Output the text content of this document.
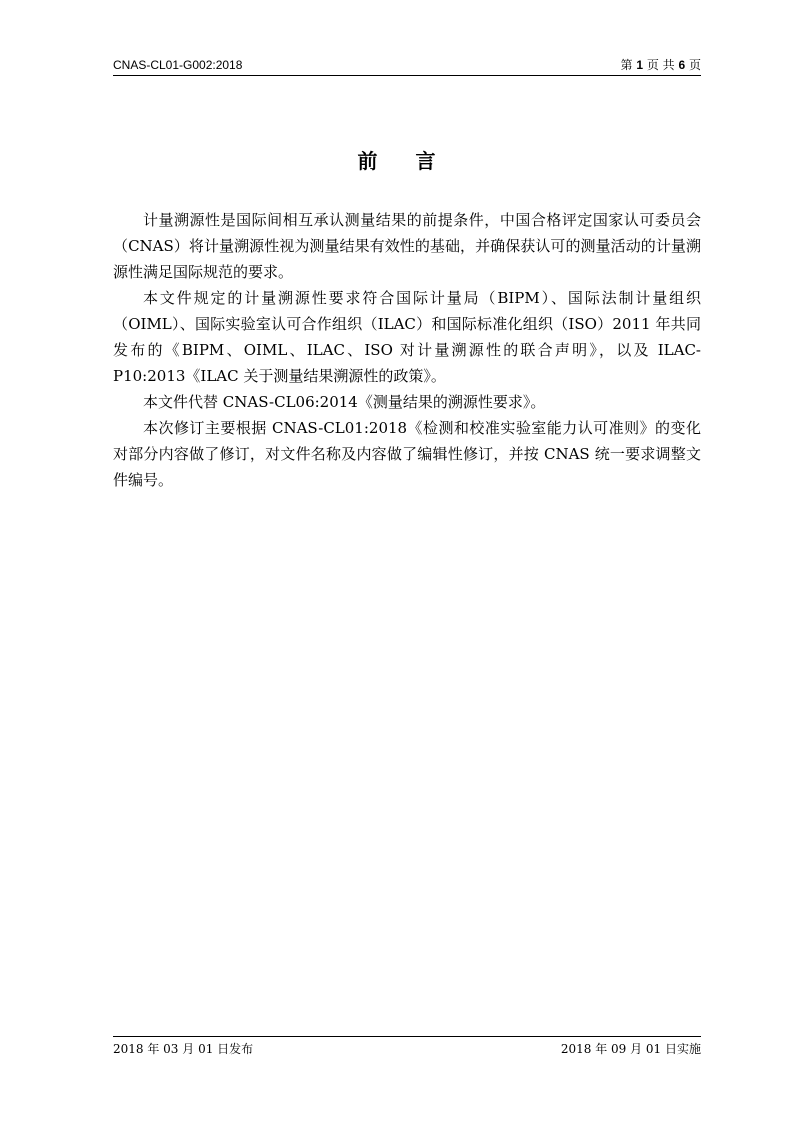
CNAS-CL01-G002:2018	第 1 页 共 6 页
前 言

计量溯源性是国际间相互承认测量结果的前提条件，中国合格评定国家认可委员会（CNAS）将计量溯源性视为测量结果有效性的基础，并确保获认可的测量活动的计量溯源性满足国际规范的要求。

本文件规定的计量溯源性要求符合国际计量局（BIPM）、国际法制计量组织（OIML）、国际实验室认可合作组织（ILAC）和国际标准化组织（ISO）2011 年共同发布的《BIPM、OIML、ILAC、ISO 对计量溯源性的联合声明》，以及 ILAC-P10:2013《ILAC 关于测量结果溯源性的政策》。

本文件代替 CNAS-CL06:2014《测量结果的溯源性要求》。

本次修订主要根据 CNAS-CL01:2018《检测和校准实验室能力认可准则》的变化对部分内容做了修订，对文件名称及内容做了编辑性修订，并按 CNAS 统一要求调整文件编号。

2018 年 03 月 01 日发布	2018 年 09 月 01 日实施
